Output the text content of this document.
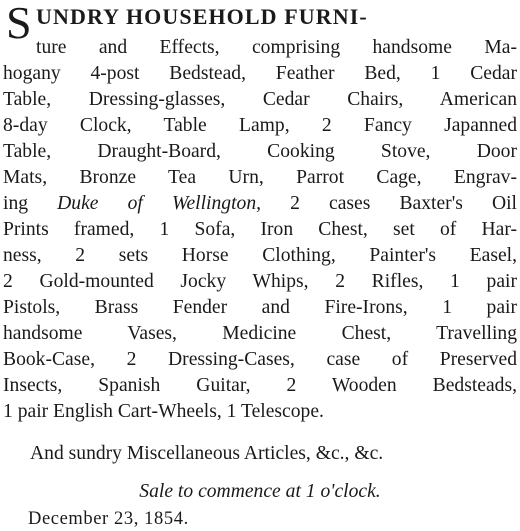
S UNDRY HOUSEHOLD FURNI-
ture and Effects, comprising handsome Ma-
hogany 4-post Bedstead, Feather Bed, 1 Cedar
Table, Dressing-glasses, Cedar Chairs, American
8-day Clock, Table Lamp, 2 Fancy Japanned
Table, Draught-Board, Cooking Stove, Door
Mats, Bronze Tea Urn, Parrot Cage, Engrav-
ing Duke of Wellington, 2 cases Baxter's Oil
Prints framed, 1 Sofa, Iron Chest, set of Har-
ness, 2 sets Horse Clothing, Painter's Easel,
2 Gold-mounted Jocky Whips, 2 Rifles, 1 pair
Pistols, Brass Fender and Fire-Irons, 1 pair
handsome Vases, Medicine Chest, Travelling
Book-Case, 2 Dressing-Cases, case of Preserved
Insects, Spanish Guitar, 2 Wooden Bedsteads,
1 pair English Cart-Wheels, 1 Telescope.
And sundry Miscellaneous Articles, &c., &c.
Sale to commence at 1 o'clock.
December 23, 1854.
